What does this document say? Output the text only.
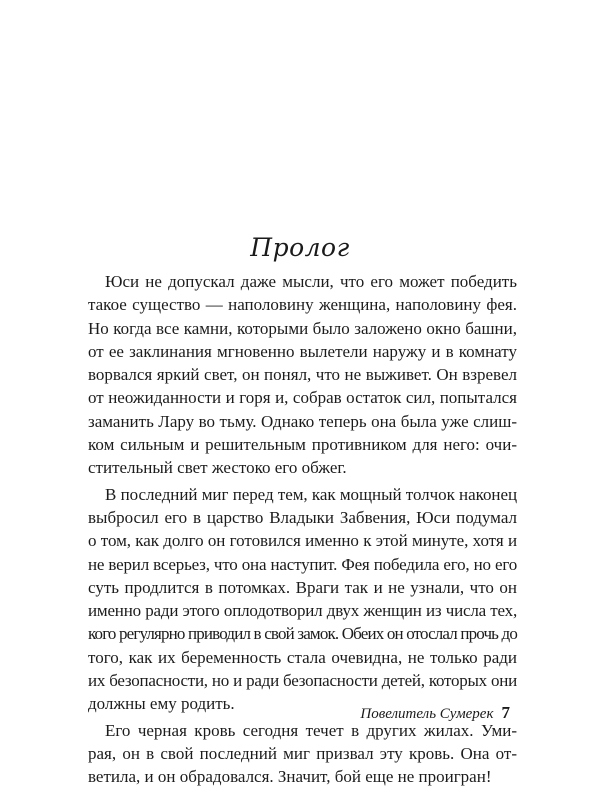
Пролог

Юси не допускал даже мысли, что его может победить
такое существо — наполовину женщина, наполовину фея.
Но когда все камни, которыми было заложено окно башни,
от ее заклинания мгновенно вылетели наружу и в комнату
ворвался яркий свет, он понял, что не выживет. Он взревел
от неожиданности и горя и, собрав остаток сил, попытался
заманить Лару во тьму. Однако теперь она была уже слиш-
ком сильным и решительным противником для него: очи-
стительный свет жестоко его обжег.

В последний миг перед тем, как мощный толчок наконец
выбросил его в царство Владыки Забвения, Юси подумал
о том, как долго он готовился именно к этой минуте, хотя и
не верил всерьез, что она наступит. Фея победила его, но его
суть продлится в потомках. Враги так и не узнали, что он
именно ради этого оплодотворил двух женщин из числа тех,
кого регулярно приводил в свой замок. Обеих он отослал прочь до
того, как их беременность стала очевидна, не только ради
их безопасности, но и ради безопасности детей, которых они
должны ему родить.

Его черная кровь сегодня течет в других жилах. Уми-
рая, он в свой последний миг призвал эту кровь. Она от-
ветила, и он обрадовался. Значит, бой еще не проигран!

Повелитель Сумерек 7
